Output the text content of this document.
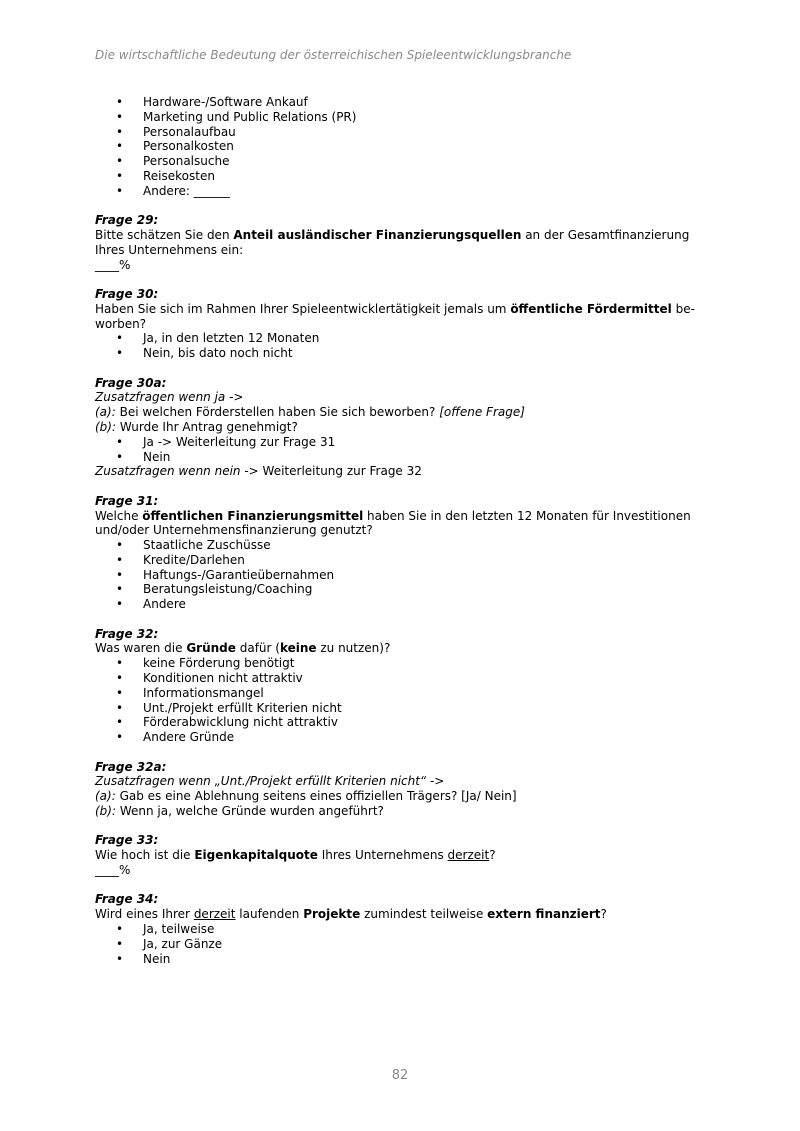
Die wirtschaftliche Bedeutung der österreichischen Spieleentwicklungsbranche
• Hardware-/Software Ankauf
• Marketing und Public Relations (PR)
• Personalaufbau
• Personalkosten
• Personalsuche
• Reisekosten
• Andere: ______
Frage 29:
Bitte schätzen Sie den Anteil ausländischer Finanzierungsquellen an der Gesamtfinanzierung Ihres Unternehmens ein:
____%
Frage 30:
Haben Sie sich im Rahmen Ihrer Spieleentwicklertätigkeit jemals um öffentliche Fördermittel be-
worben?
• Ja, in den letzten 12 Monaten
• Nein, bis dato noch nicht
Frage 30a:
Zusatzfragen wenn ja ->
(a): Bei welchen Förderstellen haben Sie sich beworben? [offene Frage]
(b): Wurde Ihr Antrag genehmigt?
• Ja -> Weiterleitung zur Frage 31
• Nein
Zusatzfragen wenn nein -> Weiterleitung zur Frage 32
Frage 31:
Welche öffentlichen Finanzierungsmittel haben Sie in den letzten 12 Monaten für Investitionen und/oder Unternehmensfinanzierung genutzt?
• Staatliche Zuschüsse
• Kredite/Darlehen
• Haftungs-/Garantieübernahmen
• Beratungsleistung/Coaching
• Andere
Frage 32:
Was waren die Gründe dafür (keine zu nutzen)?
• keine Förderung benötigt
• Konditionen nicht attraktiv
• Informationsmangel
• Unt./Projekt erfüllt Kriterien nicht
• Förderabwicklung nicht attraktiv
• Andere Gründe
Frage 32a:
Zusatzfragen wenn „Unt./Projekt erfüllt Kriterien nicht“ ->
(a): Gab es eine Ablehnung seitens eines offiziellen Trägers? [Ja/ Nein]
(b): Wenn ja, welche Gründe wurden angeführt?
Frage 33:
Wie hoch ist die Eigenkapitalquote Ihres Unternehmens derzeit?
____%
Frage 34:
Wird eines Ihrer derzeit laufenden Projekte zumindest teilweise extern finanziert?
• Ja, teilweise
• Ja, zur Gänze
• Nein
82
